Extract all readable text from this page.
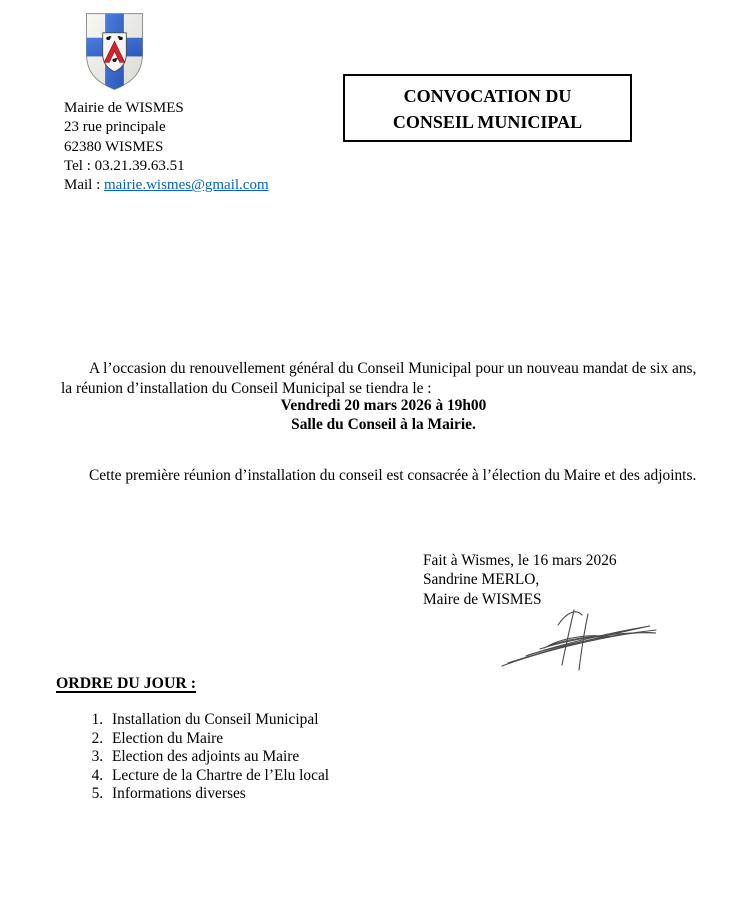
Mairie de WISMES
23 rue principale
62380 WISMES
Tel : 03.21.39.63.51
Mail : mairie.wismes@gmail.com
CONVOCATION DU
CONSEIL MUNICIPAL

A l’occasion du renouvellement général du Conseil Municipal pour un nouveau mandat de six ans, la réunion d’installation du Conseil Municipal se tiendra le :

Vendredi 20 mars 2026 à 19h00
Salle du Conseil à la Mairie.

Cette première réunion d’installation du conseil est consacrée à l’élection du Maire et des adjoints.

Fait à Wismes, le 16 mars 2026
Sandrine MERLO,
Maire de WISMES
ORDRE DU JOUR :
1. Installation du Conseil Municipal
2. Election du Maire
3. Election des adjoints au Maire
4. Lecture de la Chartre de l’Elu local
5. Informations diverses
